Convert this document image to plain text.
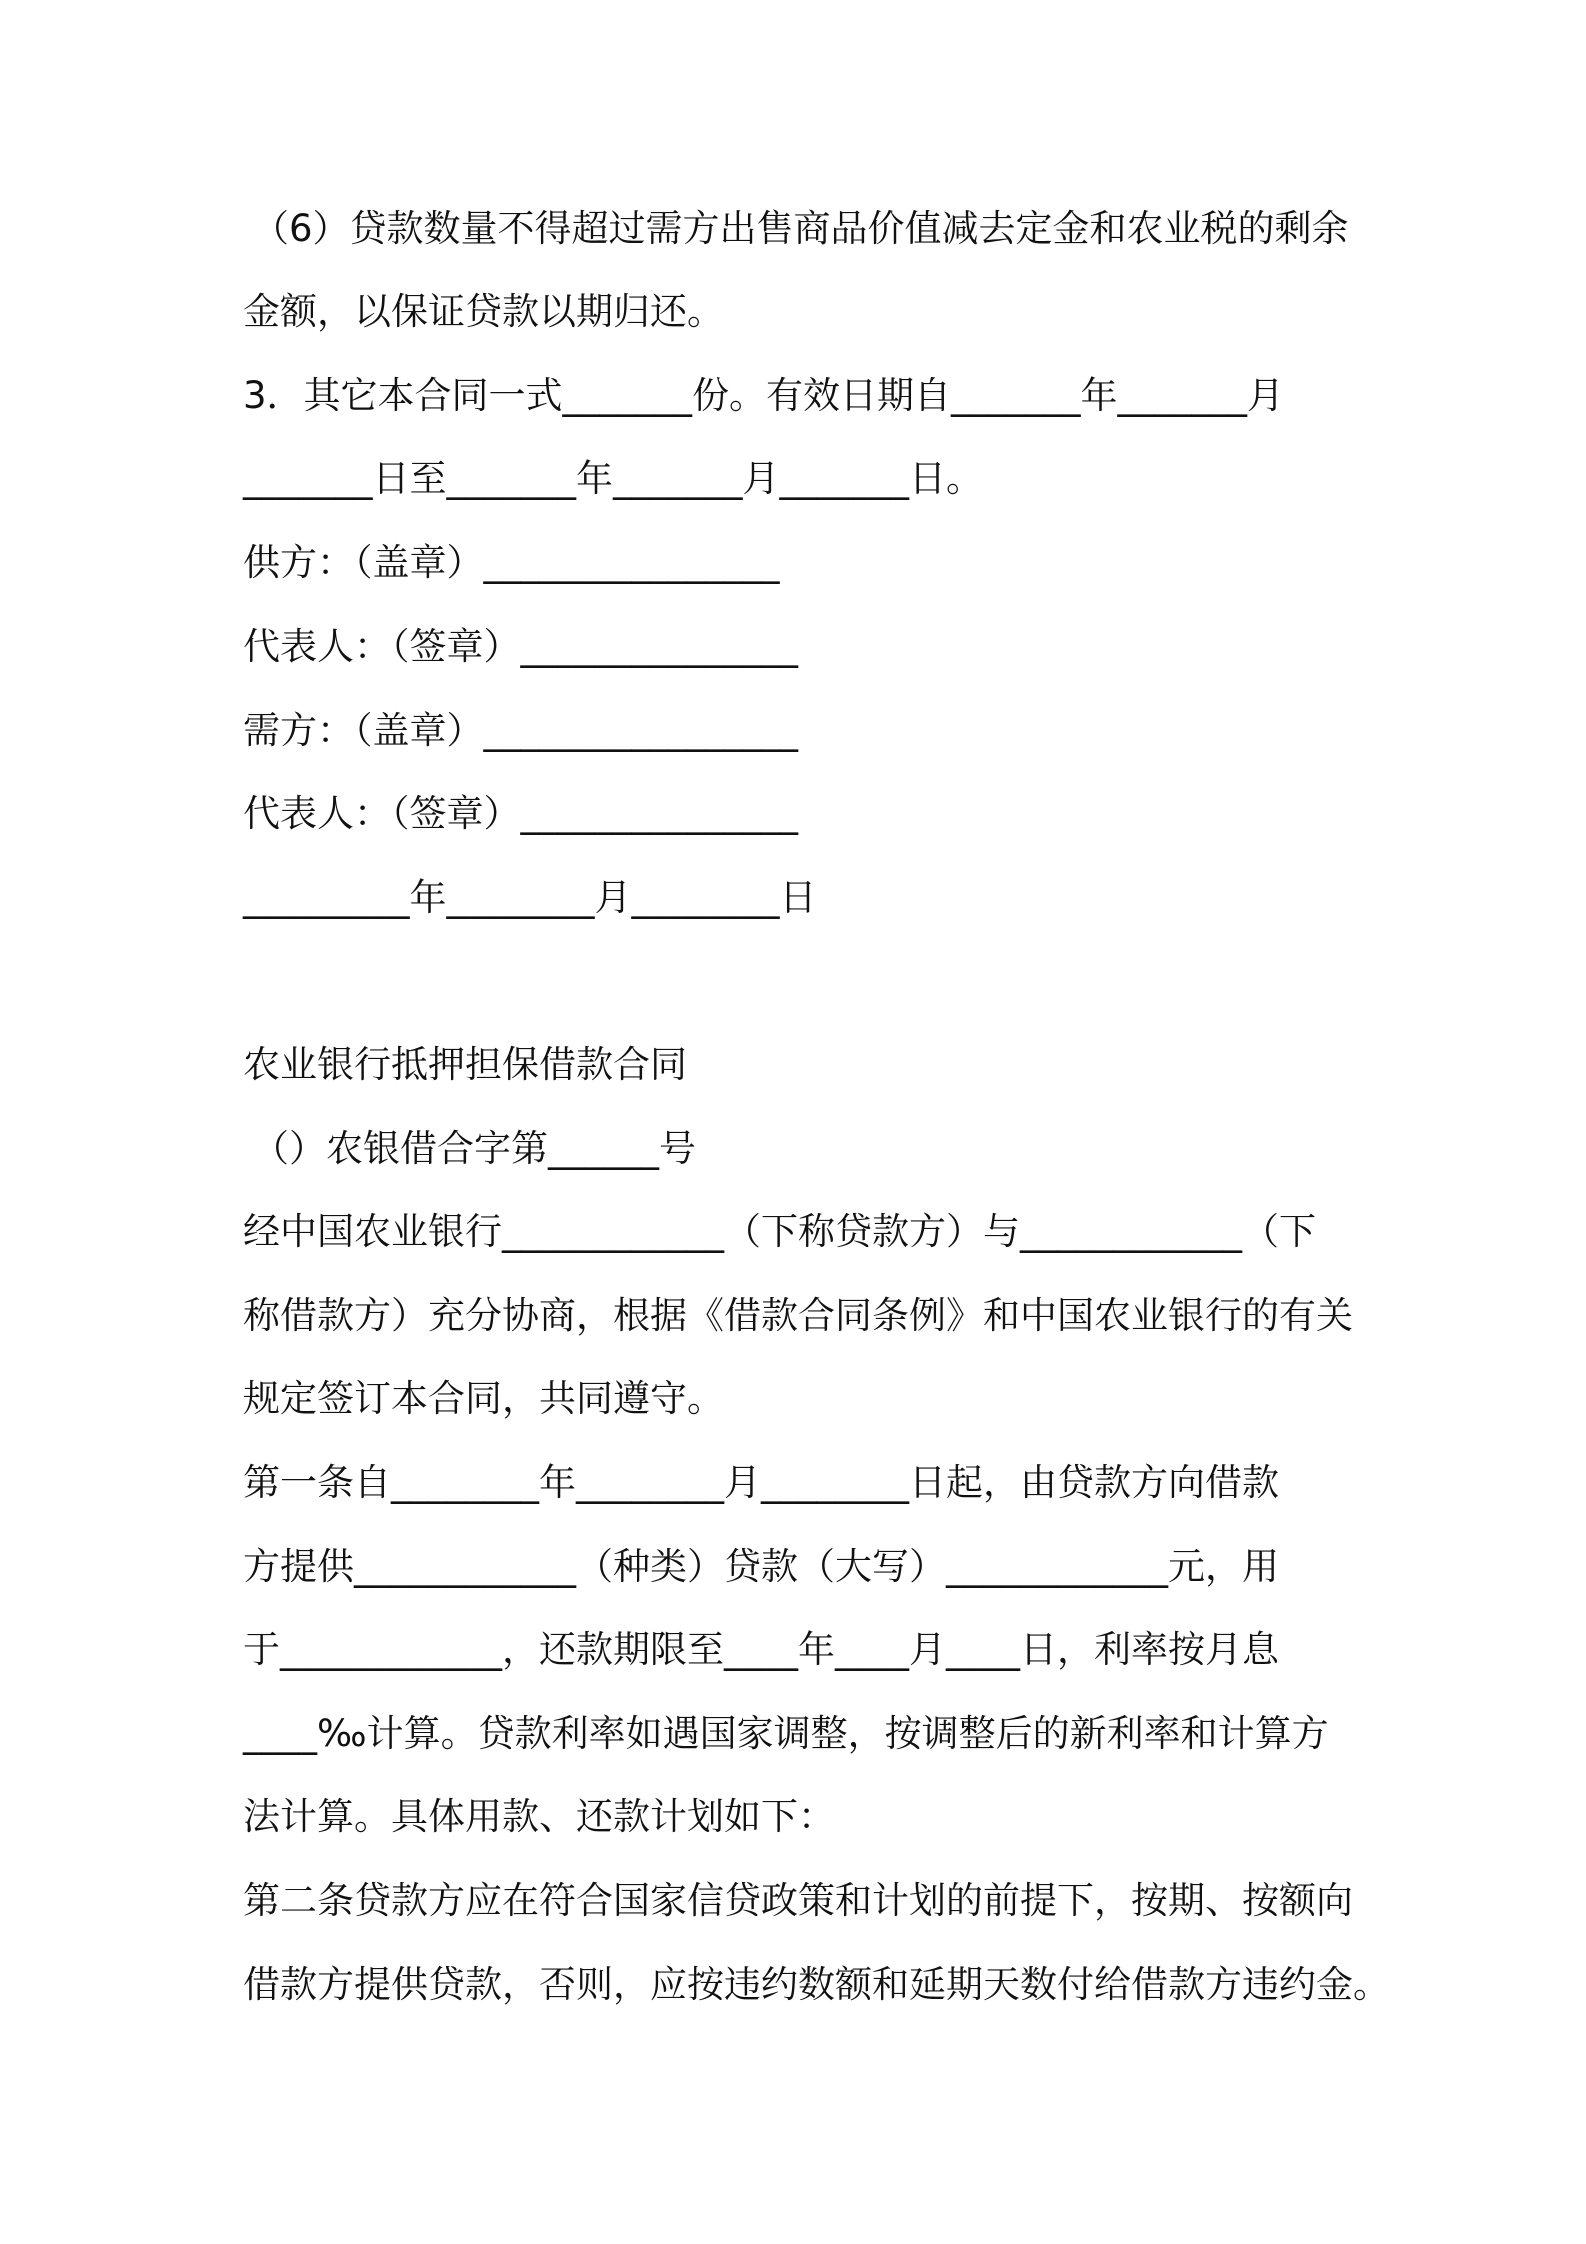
（6）贷款数量不得超过需方出售商品价值减去定金和农业税的剩余
金额，以保证贷款以期归还。
3．其它本合同一式_______份。有效日期自_______年_______月
_______日至_______年_______月_______日。
供方：（盖章）________________
代表人：（签章）_______________
需方：（盖章）_________________
代表人：（签章）_______________
_________年________月________日
农业银行抵押担保借款合同
（）农银借合字第______号
经中国农业银行____________（下称贷款方）与____________（下
称借款方）充分协商，根据《借款合同条例》和中国农业银行的有关
规定签订本合同，共同遵守。
第一条自________年________月________日起，由贷款方向借款
方提供____________（种类）贷款（大写）____________元，用
于____________，还款期限至____年____月____日，利率按月息
____‰计算。贷款利率如遇国家调整，按调整后的新利率和计算方
法计算。具体用款、还款计划如下：
第二条贷款方应在符合国家信贷政策和计划的前提下，按期、按额向
借款方提供贷款，否则，应按违约数额和延期天数付给借款方违约金。
